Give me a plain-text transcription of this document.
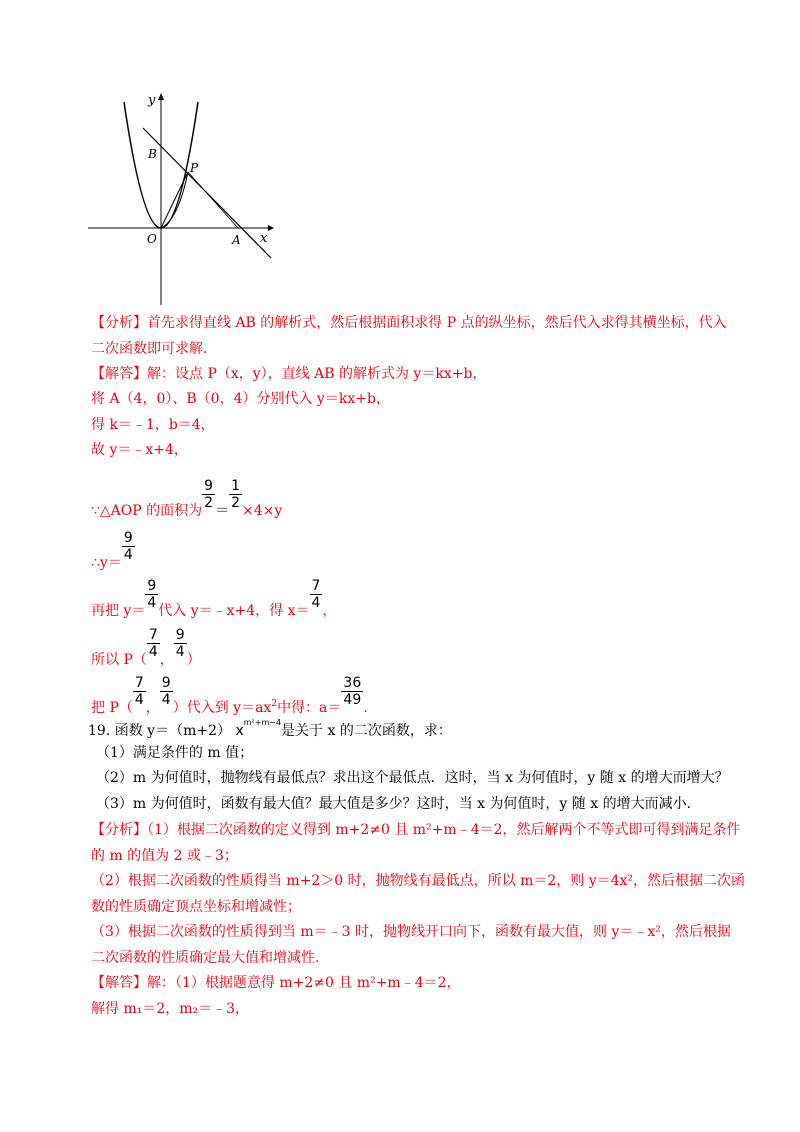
y
x
B
P
O	A
【分析】首先求得直线 AB 的解析式，然后根据面积求得 P 点的纵坐标，然后代入求得其横坐标，代入
二次函数即可求解.
【解答】解：设点 P（x，y），直线 AB 的解析式为 y＝kx+b，
将 A（4，0）、B（0，4）分别代入 y＝kx+b，
得 k＝﹣1，b＝4，
故 y＝﹣x+4，
∵△AOP 的面积为 $\frac{9}{2} = \frac{1}{2} \times 4\times y$
∴y＝ $\frac{9}{4}$
再把 $y= \frac{9}{4}$ 代入 y＝﹣x+4，得 $x= \frac{7}{4}$ ，
所以 $P( \frac{7}{4}$ ， $\frac{9}{4}$ ）
把 $P( \frac{7}{4}$ ， $\frac{9}{4}$ ）代入到 $y=ax^2$中得：$a= \frac{36}{49}$ .
19. 函数 y＝（m+2） $x^{m^2+m-4}$是关于 x 的二次函数，求：
（1）满足条件的 m 值；
（2）m 为何值时，抛物线有最低点？求出这个最低点．这时，当 x 为何值时，y 随 x 的增大而增大？
（3）m 为何值时，函数有最大值？最大值是多少？这时，当 x 为何值时，y 随 x 的增大而减小.
【分析】（1）根据二次函数的定义得到 m+2≠0 且 m²+m﹣4＝2，然后解两个不等式即可得到满足条件
的 m 的值为 2 或﹣3；
（2）根据二次函数的性质得当 m+2＞0 时，抛物线有最低点，所以 m＝2，则 y＝4x²，然后根据二次函
数的性质确定顶点坐标和增减性；
（3）根据二次函数的性质得到当 m＝﹣3 时，抛物线开口向下，函数有最大值，则 y＝﹣x²，然后根据
二次函数的性质确定最大值和增减性.
【解答】解：（1）根据题意得 m+2≠0 且 m²+m﹣4＝2，
解得 m₁＝2，m₂＝﹣3，
